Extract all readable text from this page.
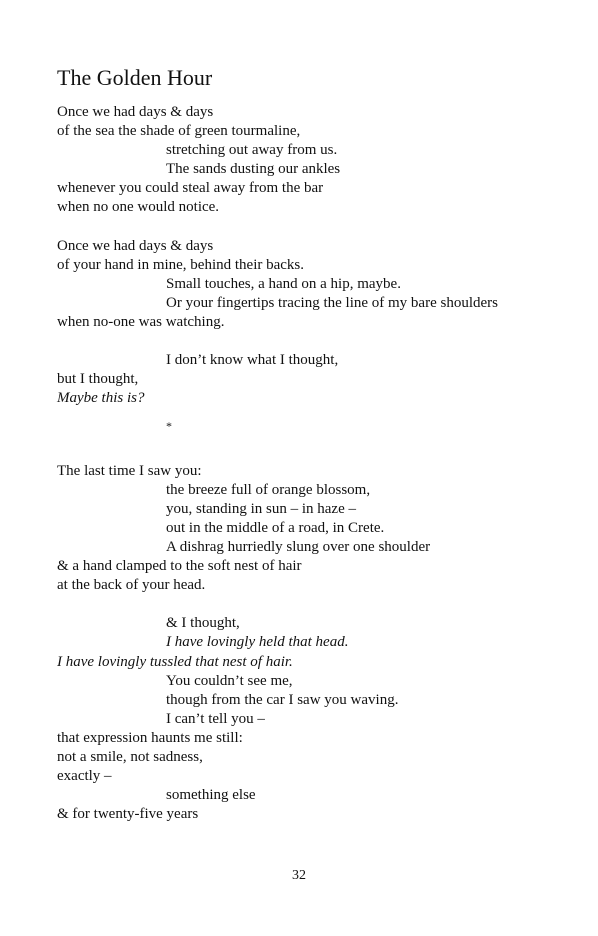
The Golden Hour
Once we had days & days
of the sea the shade of green tourmaline,
stretching out away from us.
The sands dusting our ankles
whenever you could steal away from the bar
when no one would notice.
Once we had days & days
of your hand in mine, behind their backs.
Small touches, a hand on a hip, maybe.
Or your fingertips tracing the line of my bare shoulders
when no-one was watching.
I don’t know what I thought,
but I thought,
Maybe this is?
*
The last time I saw you:
the breeze full of orange blossom,
you, standing in sun – in haze –
out in the middle of a road, in Crete.
A dishrag hurriedly slung over one shoulder
& a hand clamped to the soft nest of hair
at the back of your head.
& I thought,
I have lovingly held that head.
I have lovingly tussled that nest of hair.
You couldn’t see me,
though from the car I saw you waving.
I can’t tell you –
that expression haunts me still:
not a smile, not sadness,
exactly –
something else
& for twenty-five years
32
